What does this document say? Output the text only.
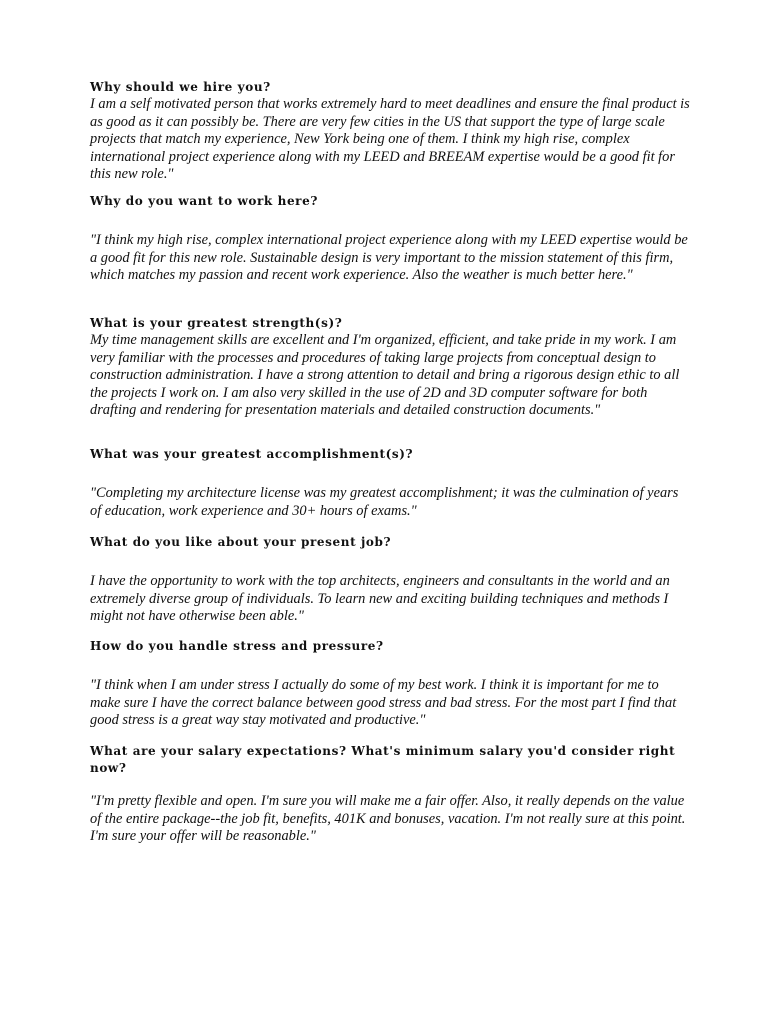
Why should we hire you?

I am a self motivated person that works extremely hard to meet deadlines and ensure the final product is as good as it can possibly be. There are very few cities in the US that support the type of large scale projects that match my experience, New York being one of them. I think my high rise, complex international project experience along with my LEED and BREEAM expertise would be a good fit for this new role."

Why do you want to work here?

"I think my high rise, complex international project experience along with my LEED expertise would be a good fit for this new role. Sustainable design is very important to the mission statement of this firm, which matches my passion and recent work experience. Also the weather is much better here."

What is your greatest strength(s)?

My time management skills are excellent and I'm organized, efficient, and take pride in my work. I am very familiar with the processes and procedures of taking large projects from conceptual design to construction administration. I have a strong attention to detail and bring a rigorous design ethic to all the projects I work on. I am also very skilled in the use of 2D and 3D computer software for both drafting and rendering for presentation materials and detailed construction documents."

What was your greatest accomplishment(s)?

"Completing my architecture license was my greatest accomplishment; it was the culmination of years of education, work experience and 30+ hours of exams."

What do you like about your present job?

I have the opportunity to work with the top architects, engineers and consultants in the world and an extremely diverse group of individuals. To learn new and exciting building techniques and methods I might not have otherwise been able."

How do you handle stress and pressure?

"I think when I am under stress I actually do some of my best work. I think it is important for me to make sure I have the correct balance between good stress and bad stress. For the most part I find that good stress is a great way stay motivated and productive."

What are your salary expectations? What's minimum salary you'd consider right now?

"I'm pretty flexible and open. I'm sure you will make me a fair offer. Also, it really depends on the value of the entire package--the job fit, benefits, 401K and bonuses, vacation. I'm not really sure at this point. I'm sure your offer will be reasonable."
